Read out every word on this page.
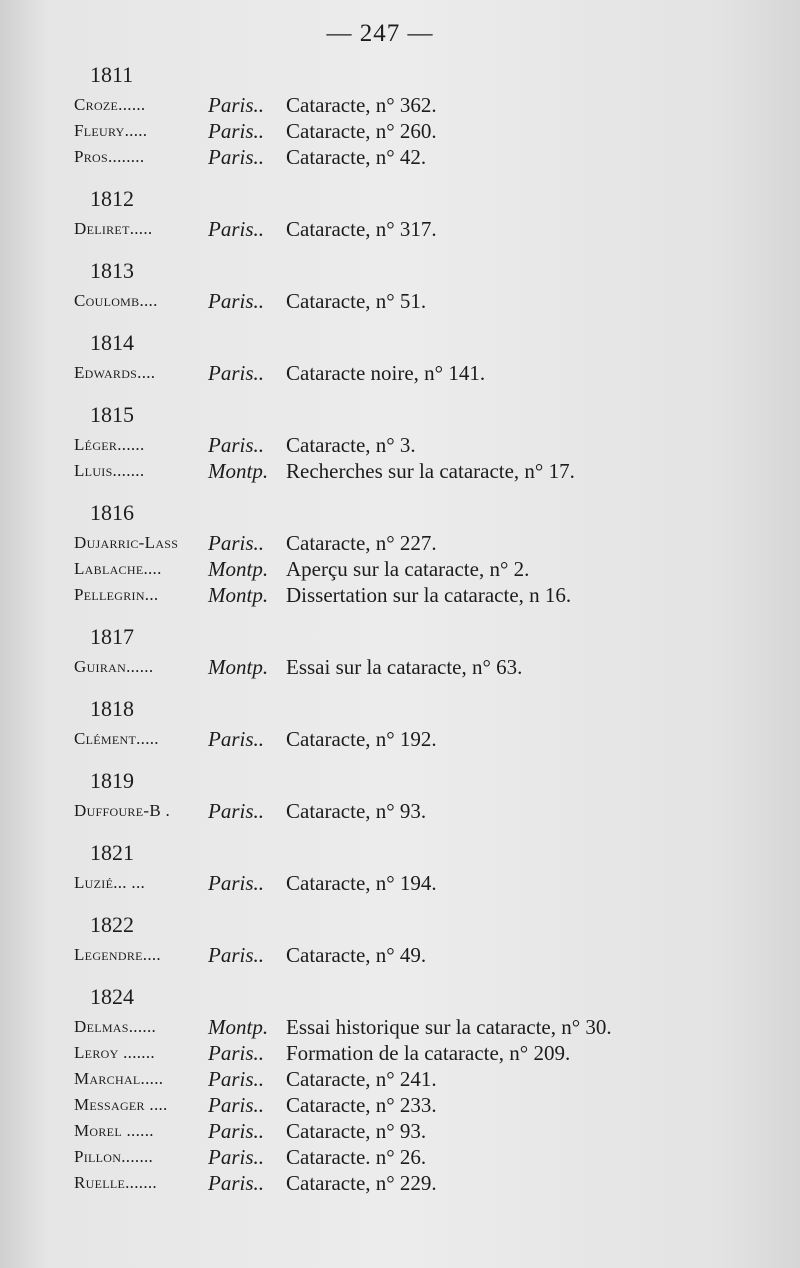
— 247 —
1811
Croze......	Paris.. Cataracte, n° 362.
Fleury.....	Paris.. Cataracte, n° 260.
Pros........	Paris.. Cataracte, n° 42.
1812
Deliret.....	Paris.. Cataracte, n° 317.
1813
Coulomb.... Paris.. Cataracte, n° 51.
1814
Edwards....	Paris.. Cataracte noire, n° 141.
1815
Léger......	Paris.. Cataracte, n° 3.
Lluis.......	Montp. Recherches sur la cataracte, n° 17.
1816
Dujarric-Lass Paris.. Cataracte, n° 227.
Lablache.... Montp. Aperçu sur la cataracte, n° 2.
Pellegrin... Montp. Dissertation sur la cataracte, n 16.
1817
Guiran......	Montp. Essai sur la cataracte, n° 63.
1818
Clément..... Paris.. Cataracte, n° 192.
1819
Duffoure-B . Paris.. Cataracte, n° 93.
1821
Luzié... ...	Paris.. Cataracte, n° 194.
1822
Legendre.... Paris.. Cataracte, n° 49.
1824
Delmas...... Montp. Essai historique sur la cataracte, n° 30.
Leroy .......	Paris.. Formation de la cataracte, n° 209.
Marchal..... Paris.. Cataracte, n° 241.
Messager .... Paris.. Cataracte, n° 233.
Morel ......	Paris.. Cataracte, n° 93.
Pillon.......	Paris.. Cataracte. n° 26.
Ruelle....... Paris.. Cataracte, n° 229.
